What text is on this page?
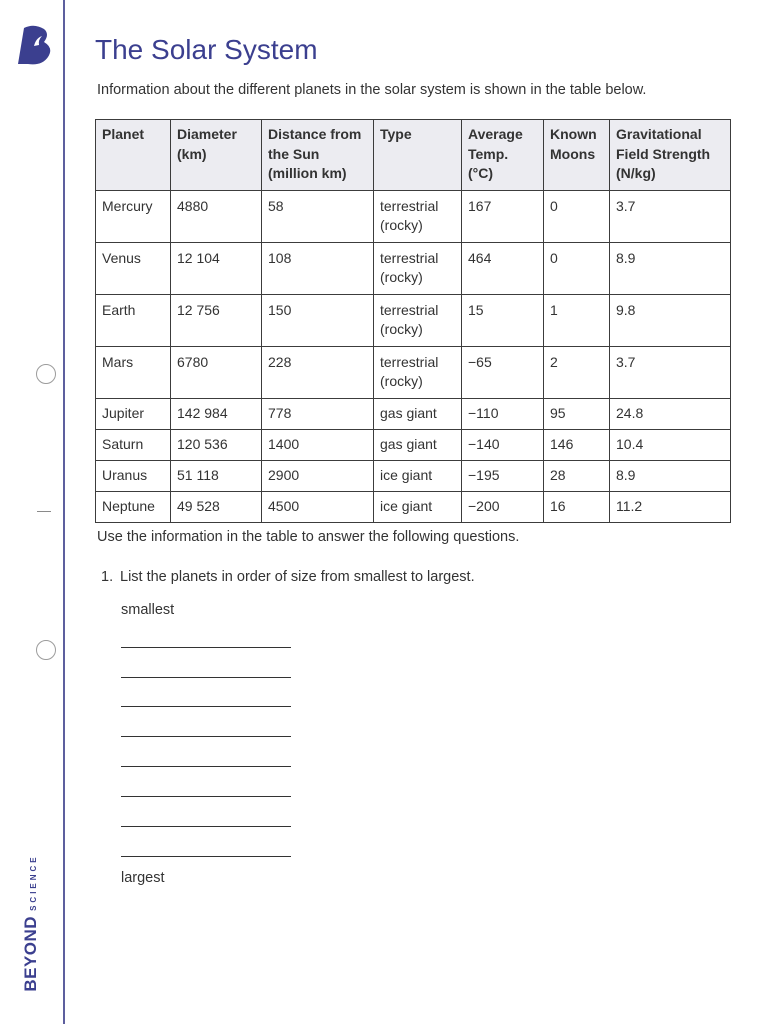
BEYOND
SCIENCE
The Solar System
Information about the different planets in the solar system is shown in the table below.
Planet	Diameter (km)	Distance from the Sun (million km)	Type	Average Temp. (°C)	Known Moons	Gravitational Field Strength (N/kg)
Mercury	4880	58	terrestrial (rocky)	167	0	3.7
Venus	12 104	108	terrestrial (rocky)	464	0	8.9
Earth	12 756	150	terrestrial (rocky)	15	1	9.8
Mars	6780	228	terrestrial (rocky)	−65	2	3.7
Jupiter	142 984	778	gas giant	−110	95	24.8
Saturn	120 536	1400	gas giant	−140	146	10.4
Uranus	51 118	2900	ice giant	−195	28	8.9
Neptune	49 528	4500	ice giant	−200	16	11.2
Use the information in the table to answer the following questions.
1. List the planets in order of size from smallest to largest.
smallest
largest
